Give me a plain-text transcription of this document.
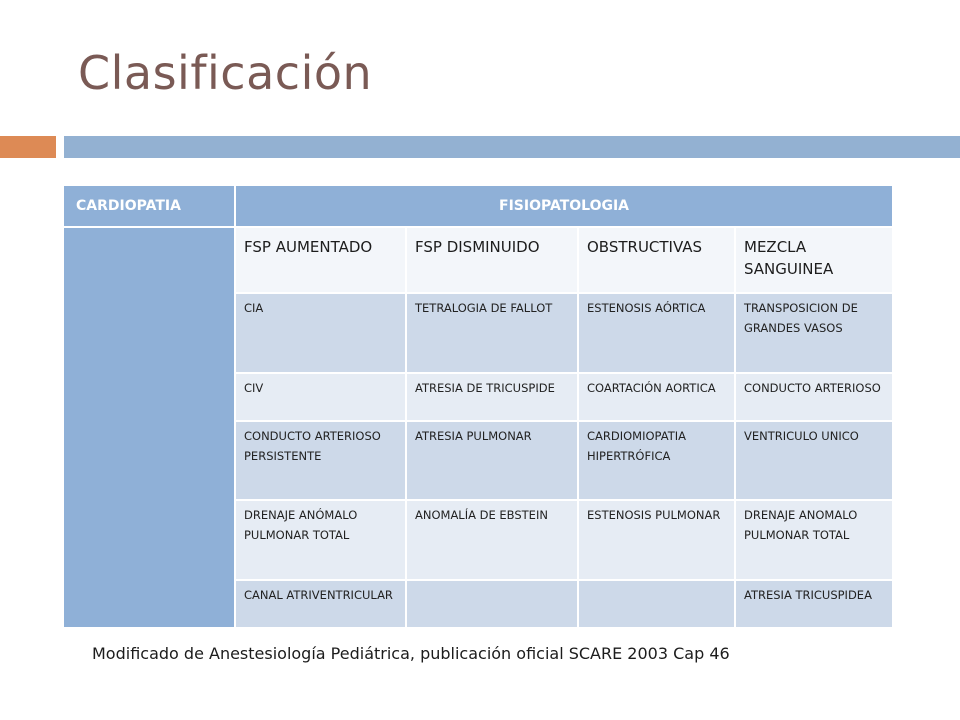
Clasificación
CARDIOPATIA	FISIOPATOLOGIA			
	FSP AUMENTADO	FSP DISMINUIDO	OBSTRUCTIVAS	MEZCLA SANGUINEA
	CIA	TETRALOGIA DE FALLOT	ESTENOSIS AÓRTICA	TRANSPOSICION DE GRANDES VASOS
	CIV	ATRESIA DE TRICUSPIDE	COARTACIÓN AORTICA	CONDUCTO ARTERIOSO
	CONDUCTO ARTERIOSO PERSISTENTE	ATRESIA PULMONAR	CARDIOMIOPATIA HIPERTRÓFICA	VENTRICULO UNICO
	DRENAJE ANÓMALO PULMONAR TOTAL	ANOMALÍA DE EBSTEIN	ESTENOSIS PULMONAR	DRENAJE ANOMALO PULMONAR TOTAL
	CANAL ATRIVENTRICULAR			ATRESIA TRICUSPIDEA
Modificado de Anestesiología Pediátrica, publicación oficial SCARE 2003 Cap 46
